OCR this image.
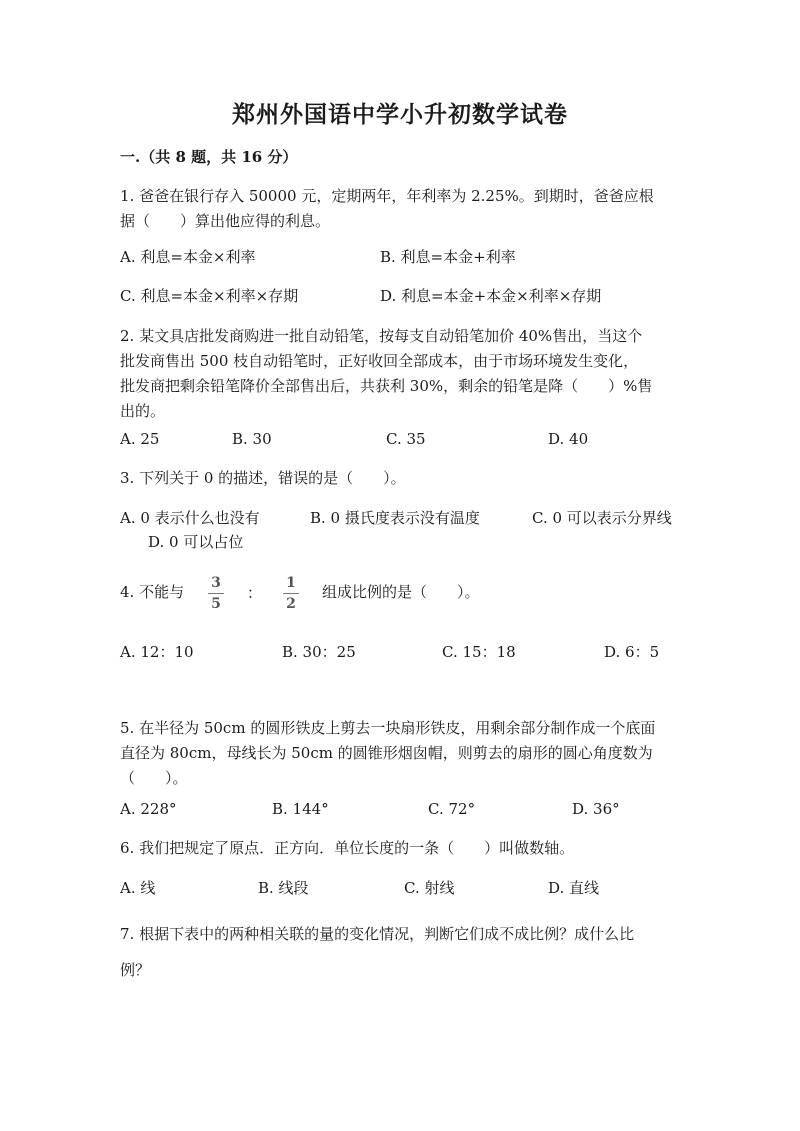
郑州外国语中学小升初数学试卷
一.（共 8 题，共 16 分）
1. 爸爸在银行存入 50000 元，定期两年，年利率为 2.25%。到期时，爸爸应根
据（　　）算出他应得的利息。
A. 利息=本金×利率	B. 利息=本金+利率
C. 利息=本金×利率×存期	D. 利息=本金+本金×利率×存期
2. 某文具店批发商购进一批自动铅笔，按每支自动铅笔加价 40%售出，当这个
批发商售出 500 枝自动铅笔时，正好收回全部成本，由于市场环境发生变化，
批发商把剩余铅笔降价全部售出后，共获利 30%，剩余的铅笔是降（　　）%售
出的。
A. 25	B. 30	C. 35	D. 40
3. 下列关于 0 的描述，错误的是（　　）。
A. 0 表示什么也没有	B. 0 摄氏度表示没有温度	C. 0 可以表示分界线
D. 0 可以占位
4. 不能与	3
5
：
1
2
组成比例的是（　　）。
A. 12：10	B. 30：25	C. 15：18	D. 6：5
5. 在半径为 50cm 的圆形铁皮上剪去一块扇形铁皮，用剩余部分制作成一个底面
直径为 80cm，母线长为 50cm 的圆锥形烟囱帽，则剪去的扇形的圆心角度数为
（　　）。
A. 228°	B. 144°	C. 72°	D. 36°
6. 我们把规定了原点．正方向．单位长度的一条（　　）叫做数轴。
A. 线	B. 线段	C. 射线	D. 直线
7. 根据下表中的两种相关联的量的变化情况，判断它们成不成比例？成什么比
例？
